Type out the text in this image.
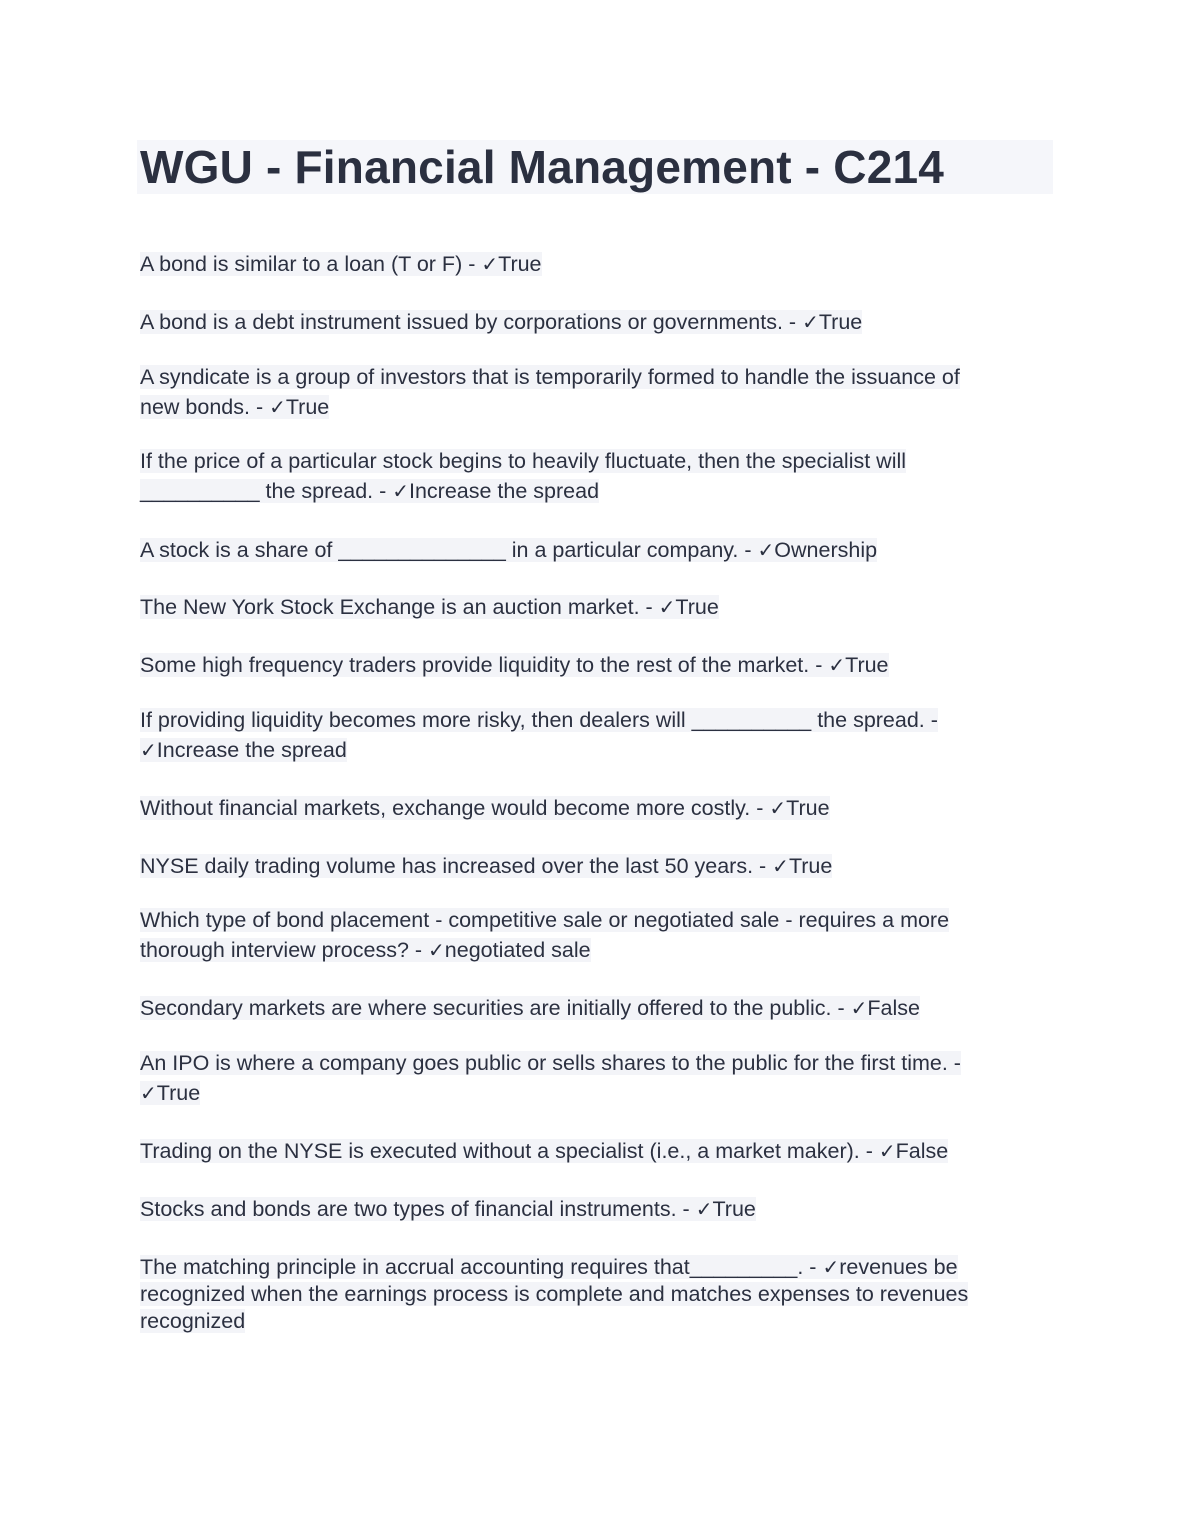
WGU - Financial Management - C214
A bond is similar to a loan (T or F) - ✓True
A bond is a debt instrument issued by corporations or governments. - ✓True
A syndicate is a group of investors that is temporarily formed to handle the issuance of
new bonds. - ✓True
If the price of a particular stock begins to heavily fluctuate, then the specialist will
__________ the spread. - ✓Increase the spread
A stock is a share of ______________ in a particular company. - ✓Ownership
The New York Stock Exchange is an auction market. - ✓True
Some high frequency traders provide liquidity to the rest of the market. - ✓True
If providing liquidity becomes more risky, then dealers will __________ the spread. -
✓Increase the spread
Without financial markets, exchange would become more costly. - ✓True
NYSE daily trading volume has increased over the last 50 years. - ✓True
Which type of bond placement - competitive sale or negotiated sale - requires a more
thorough interview process? - ✓negotiated sale
Secondary markets are where securities are initially offered to the public. - ✓False
An IPO is where a company goes public or sells shares to the public for the first time. -
✓True
Trading on the NYSE is executed without a specialist (i.e., a market maker). - ✓False
Stocks and bonds are two types of financial instruments. - ✓True
The matching principle in accrual accounting requires that_________. - ✓revenues be
recognized when the earnings process is complete and matches expenses to revenues
recognized
